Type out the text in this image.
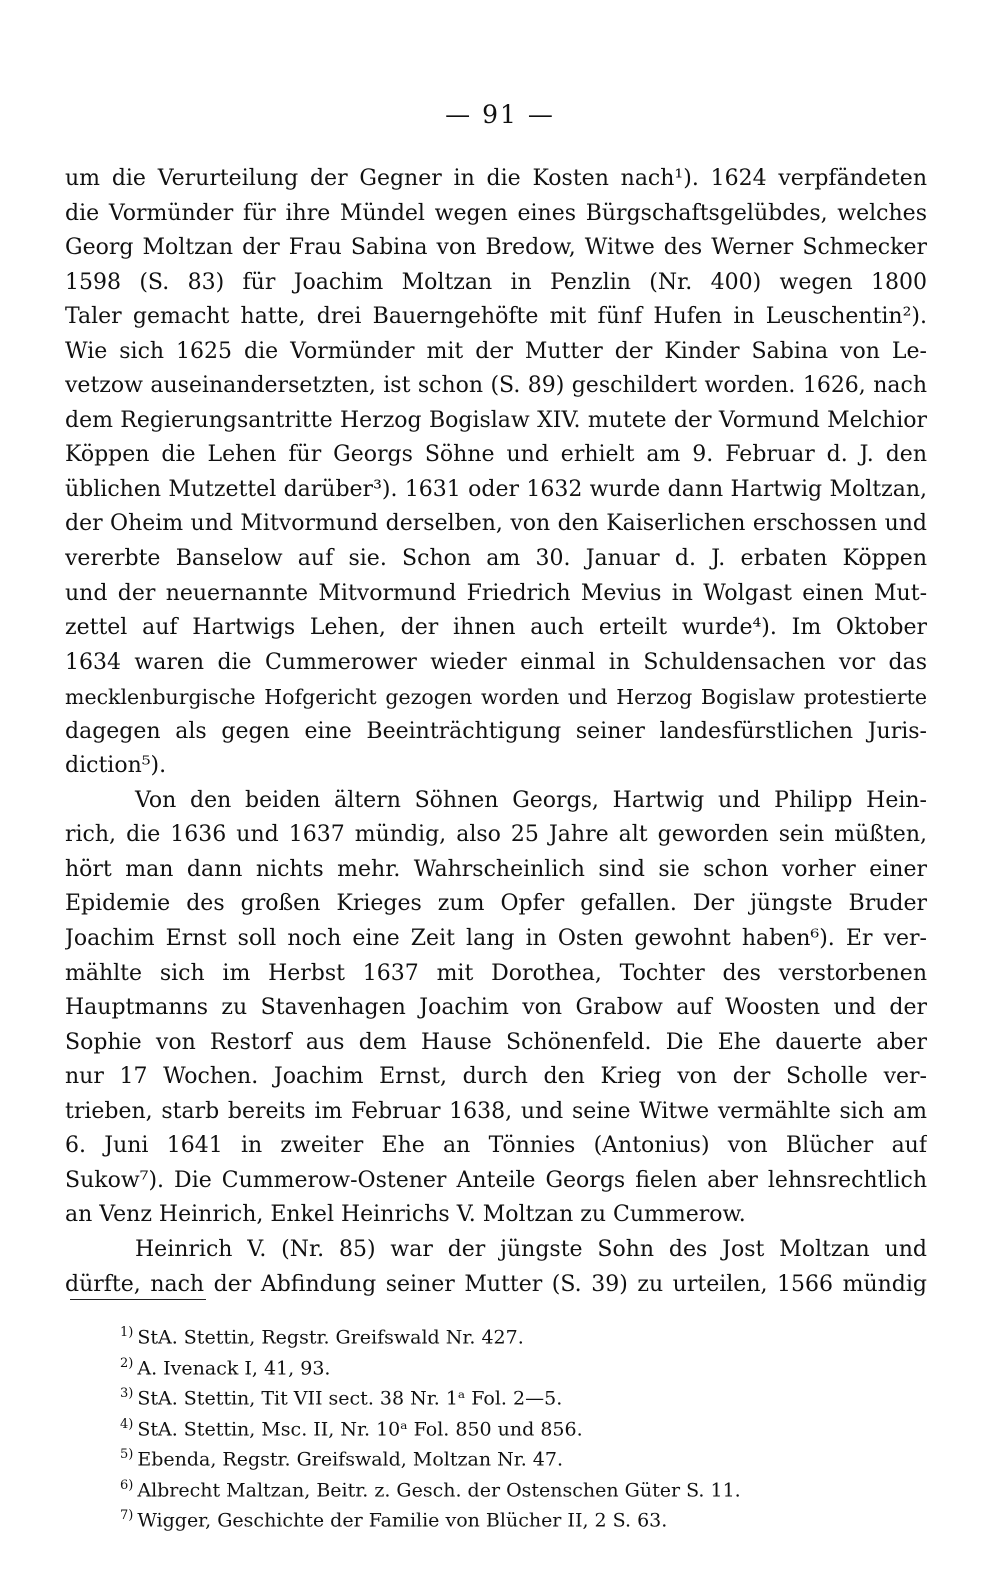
— 91 —
um die Verurteilung der Gegner in die Kosten nach¹). 1624 verpfändeten
die Vormünder für ihre Mündel wegen eines Bürgschaftsgelübdes, welches
Georg Moltzan der Frau Sabina von Bredow, Witwe des Werner Schmecker
1598 (S. 83) für Joachim Moltzan in Penzlin (Nr. 400) wegen 1800
Taler gemacht hatte, drei Bauerngehöfte mit fünf Hufen in Leuschentin²).
Wie sich 1625 die Vormünder mit der Mutter der Kinder Sabina von Le-
vetzow auseinandersetzten, ist schon (S. 89) geschildert worden. 1626, nach
dem Regierungsantritte Herzog Bogislaw XIV. mutete der Vormund Melchior
Köppen die Lehen für Georgs Söhne und erhielt am 9. Februar d. J. den
üblichen Mutzettel darüber³). 1631 oder 1632 wurde dann Hartwig Moltzan,
der Oheim und Mitvormund derselben, von den Kaiserlichen erschossen und
vererbte Banselow auf sie. Schon am 30. Januar d. J. erbaten Köppen
und der neuernannte Mitvormund Friedrich Mevius in Wolgast einen Mut-
zettel auf Hartwigs Lehen, der ihnen auch erteilt wurde⁴). Im Oktober
1634 waren die Cummerower wieder einmal in Schuldensachen vor das
mecklenburgische Hofgericht gezogen worden und Herzog Bogislaw protestierte
dagegen als gegen eine Beeinträchtigung seiner landesfürstlichen Juris-
diction⁵).
Von den beiden ältern Söhnen Georgs, Hartwig und Philipp Hein-
rich, die 1636 und 1637 mündig, also 25 Jahre alt geworden sein müßten,
hört man dann nichts mehr. Wahrscheinlich sind sie schon vorher einer
Epidemie des großen Krieges zum Opfer gefallen. Der jüngste Bruder
Joachim Ernst soll noch eine Zeit lang in Osten gewohnt haben⁶). Er ver-
mählte sich im Herbst 1637 mit Dorothea, Tochter des verstorbenen
Hauptmanns zu Stavenhagen Joachim von Grabow auf Woosten und der
Sophie von Restorf aus dem Hause Schönenfeld. Die Ehe dauerte aber
nur 17 Wochen. Joachim Ernst, durch den Krieg von der Scholle ver-
trieben, starb bereits im Februar 1638, und seine Witwe vermählte sich am
6. Juni 1641 in zweiter Ehe an Tönnies (Antonius) von Blücher auf
Sukow⁷). Die Cummerow-Ostener Anteile Georgs fielen aber lehnsrechtlich
an Venz Heinrich, Enkel Heinrichs V. Moltzan zu Cummerow.
Heinrich V. (Nr. 85) war der jüngste Sohn des Jost Moltzan und
dürfte, nach der Abfindung seiner Mutter (S. 39) zu urteilen, 1566 mündig
$^{1)}$ StA. Stettin, Regstr. Greifswald Nr. 427.
$^{2)}$ A. Ivenack I, 41, 93.
$^{3)}$ StA. Stettin, Tit VII sect. 38 Nr. 1ᵃ Fol. 2—5.
$^{4)}$ StA. Stettin, Msc. II, Nr. 10ᵃ Fol. 850 und 856.
$^{5)}$ Ebenda, Regstr. Greifswald, Moltzan Nr. 47.
$^{6)}$ Albrecht Maltzan, Beitr. z. Gesch. der Ostenschen Güter S. 11.
$^{7)}$ Wigger, Geschichte der Familie von Blücher II, 2 S. 63.
